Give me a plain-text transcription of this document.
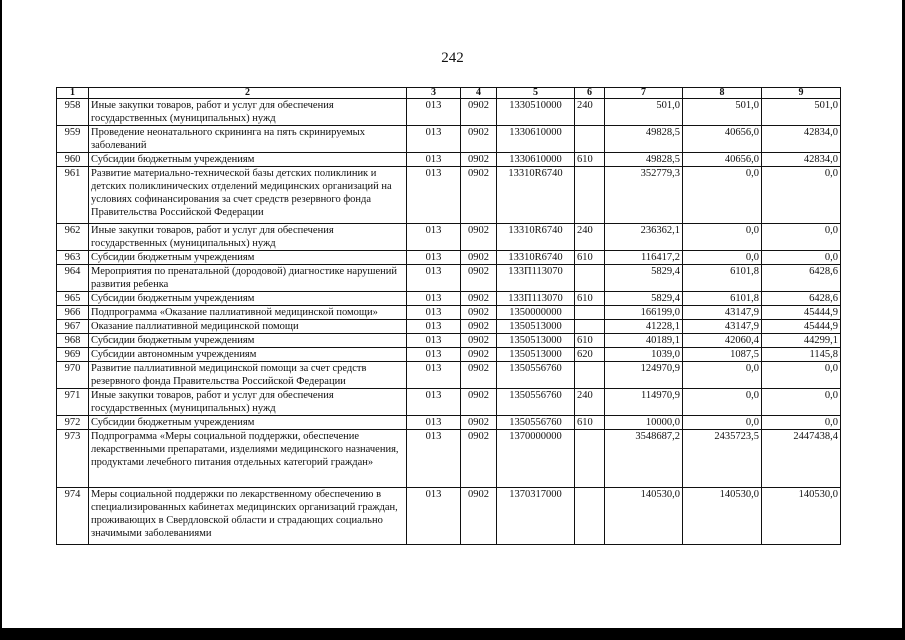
242
1	2	3	4	5	6	7	8	9
958	Иные закупки товаров, работ и услуг для обеспечения государственных (муниципальных) нужд	013	0902	1330510000	240	501,0	501,0	501,0
959	Проведение неонатального скрининга на пять скринируемых заболеваний	013	0902	1330610000		49828,5	40656,0	42834,0
960	Субсидии бюджетным учреждениям	013	0902	1330610000	610	49828,5	40656,0	42834,0
961	Развитие материально-технической базы детских поликлиник и детских поликлинических отделений медицинских организаций на условиях софинансирования за счет средств резервного фонда Правительства Российской Федерации	013	0902	13310R6740		352779,3	0,0	0,0
962	Иные закупки товаров, работ и услуг для обеспечения государственных (муниципальных) нужд	013	0902	13310R6740	240	236362,1	0,0	0,0
963	Субсидии бюджетным учреждениям	013	0902	13310R6740	610	116417,2	0,0	0,0
964	Мероприятия по пренатальной (дородовой) диагностике нарушений развития ребенка	013	0902	133П113070		5829,4	6101,8	6428,6
965	Субсидии бюджетным учреждениям	013	0902	133П113070	610	5829,4	6101,8	6428,6
966	Подпрограмма «Оказание паллиативной медицинской помощи»	013	0902	1350000000		166199,0	43147,9	45444,9
967	Оказание паллиативной медицинской помощи	013	0902	1350513000		41228,1	43147,9	45444,9
968	Субсидии бюджетным учреждениям	013	0902	1350513000	610	40189,1	42060,4	44299,1
969	Субсидии автономным учреждениям	013	0902	1350513000	620	1039,0	1087,5	1145,8
970	Развитие паллиативной медицинской помощи за счет средств резервного фонда Правительства Российской Федерации	013	0902	1350556760		124970,9	0,0	0,0
971	Иные закупки товаров, работ и услуг для обеспечения государственных (муниципальных) нужд	013	0902	1350556760	240	114970,9	0,0	0,0
972	Субсидии бюджетным учреждениям	013	0902	1350556760	610	10000,0	0,0	0,0
973	Подпрограмма «Меры социальной поддержки, обеспечение лекарственными препаратами, изделиями медицинского назначения, продуктами лечебного питания отдельных категорий граждан»	013	0902	1370000000		3548687,2	2435723,5	2447438,4
974	Меры социальной поддержки по лекарственному обеспечению в специализированных кабинетах медицинских организаций граждан, проживающих в Свердловской области и страдающих социально значимыми заболеваниями	013	0902	1370317000		140530,0	140530,0	140530,0
